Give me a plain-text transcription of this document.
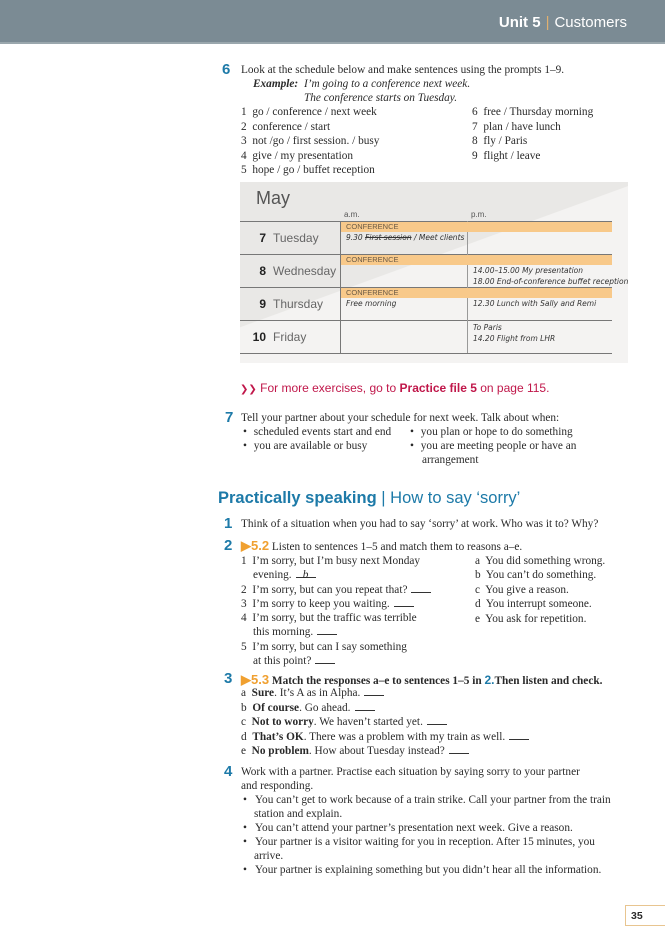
Unit 5 | Customers
6 Look at the schedule below and make sentences using the prompts 1–9.
Example: I’m going to a conference next week.
The conference starts on Tuesday.
1 go / conference / next week
2 conference / start
3 not /go / first session. / busy
4 give / my presentation
5 hope / go / buffet reception
6 free / Thursday morning
7 plan / have lunch
8 fly / Paris
9 flight / leave
May
a.m.	p.m.
CONFERENCE
CONFERENCE
CONFERENCE
7 Tuesday
8 Wednesday
9 Thursday
10 Friday
9.30 First session / Meet clients
14.00–15.00 My presentation
18.00 End-of-conference buffet reception
Free morning	12.30 Lunch with Sally and Remi
To Paris
14.20 Flight from LHR
❯❯ For more exercises, go to Practice file 5 on page 115.
7 Tell your partner about your schedule for next week. Talk about when:
• scheduled events start and end
• you are available or busy
• you plan or hope to do something
• you are meeting people or have an
arrangement
Practically speaking | How to say ‘sorry’
1 Think of a situation when you had to say ‘sorry’ at work. Who was it to? Why?
2 ▶5.2 Listen to sentences 1–5 and match them to reasons a–e.
1 I’m sorry, but I’m busy next Monday
evening. b
2 I’m sorry, but can you repeat that?
3 I’m sorry to keep you waiting.
4 I’m sorry, but the traffic was terrible
this morning.
5 I’m sorry, but can I say something
at this point?
a You did something wrong.
b You can’t do something.
c You give a reason.
d You interrupt someone.
e You ask for repetition.
3 ▶5.3 Match the responses a–e to sentences 1–5 in 2.Then listen and check.
a Sure. It’s A as in Alpha.
b Of course. Go ahead.
c Not to worry. We haven’t started yet.
d That’s OK. There was a problem with my train as well.
e No problem. How about Tuesday instead?
4 Work with a partner. Practise each situation by saying sorry to your partner
and responding.
•   You can’t get to work because of a train strike. Call your partner from the train
station and explain.
•   You can’t attend your partner’s presentation next week. Give a reason.
•   Your partner is a visitor waiting for you in reception. After 15 minutes, you
arrive.
•   Your partner is explaining something but you didn’t hear all the information.
35
